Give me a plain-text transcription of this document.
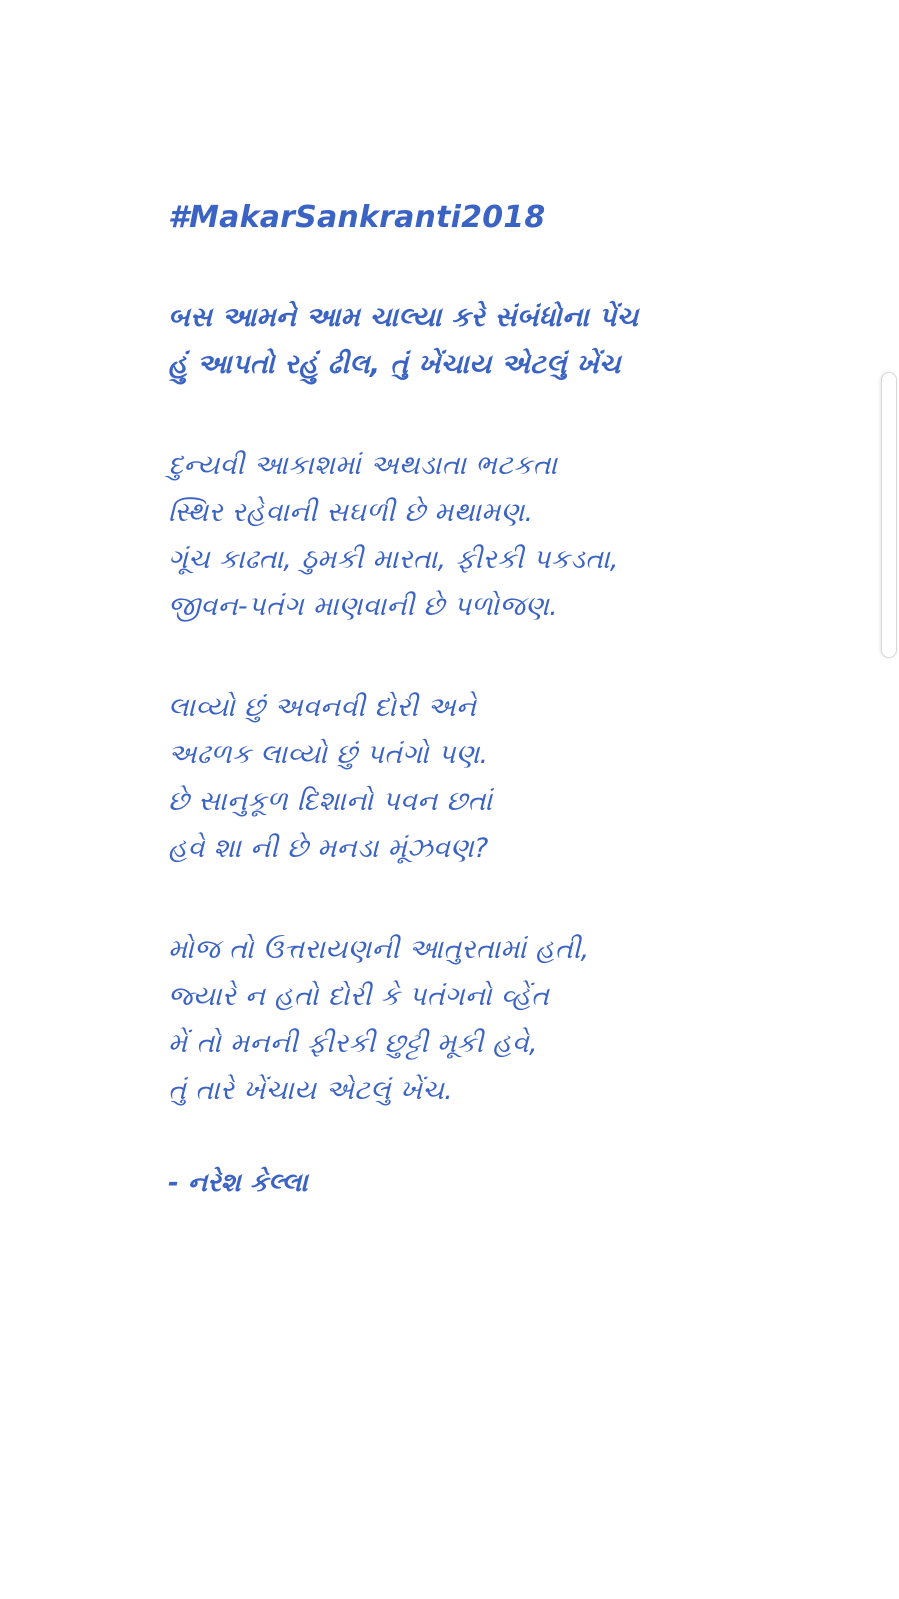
#MakarSankranti2018
બસ આમને આમ ચાલ્યા કરે સંબંધોના પેંચ
હું આપતો રહું ઢીલ, તું ખેંચાય એટલું ખેંચ
દુન્યવી આકાશમાં અથડાતા ભટકતા
સ્થિર રહેવાની સઘળી છે મથામણ.
ગૂંચ કાઢતા, ઠુમકી મારતા, ફીરકી પકડતા,
જીવન-પતંગ માણવાની છે પળોજણ.
લાવ્યો છું અવનવી દોરી અને
અઢળક લાવ્યો છું પતંગો પણ.
છે સાનુકૂળ દિશાનો પવન છતાં
હવે શા ની છે મનડા મૂંઝવણ?
મોજ તો ઉત્તરાયણની આતુરતામાં હતી,
જ્યારે ન હતો દોરી કે પતંગનો વ્હેંત
મેં તો મનની ફીરકી છુટ્ટી મૂકી હવે,
તું તારે ખેંચાય એટલું ખેંચ.
- નરેશ કેલ્લા
